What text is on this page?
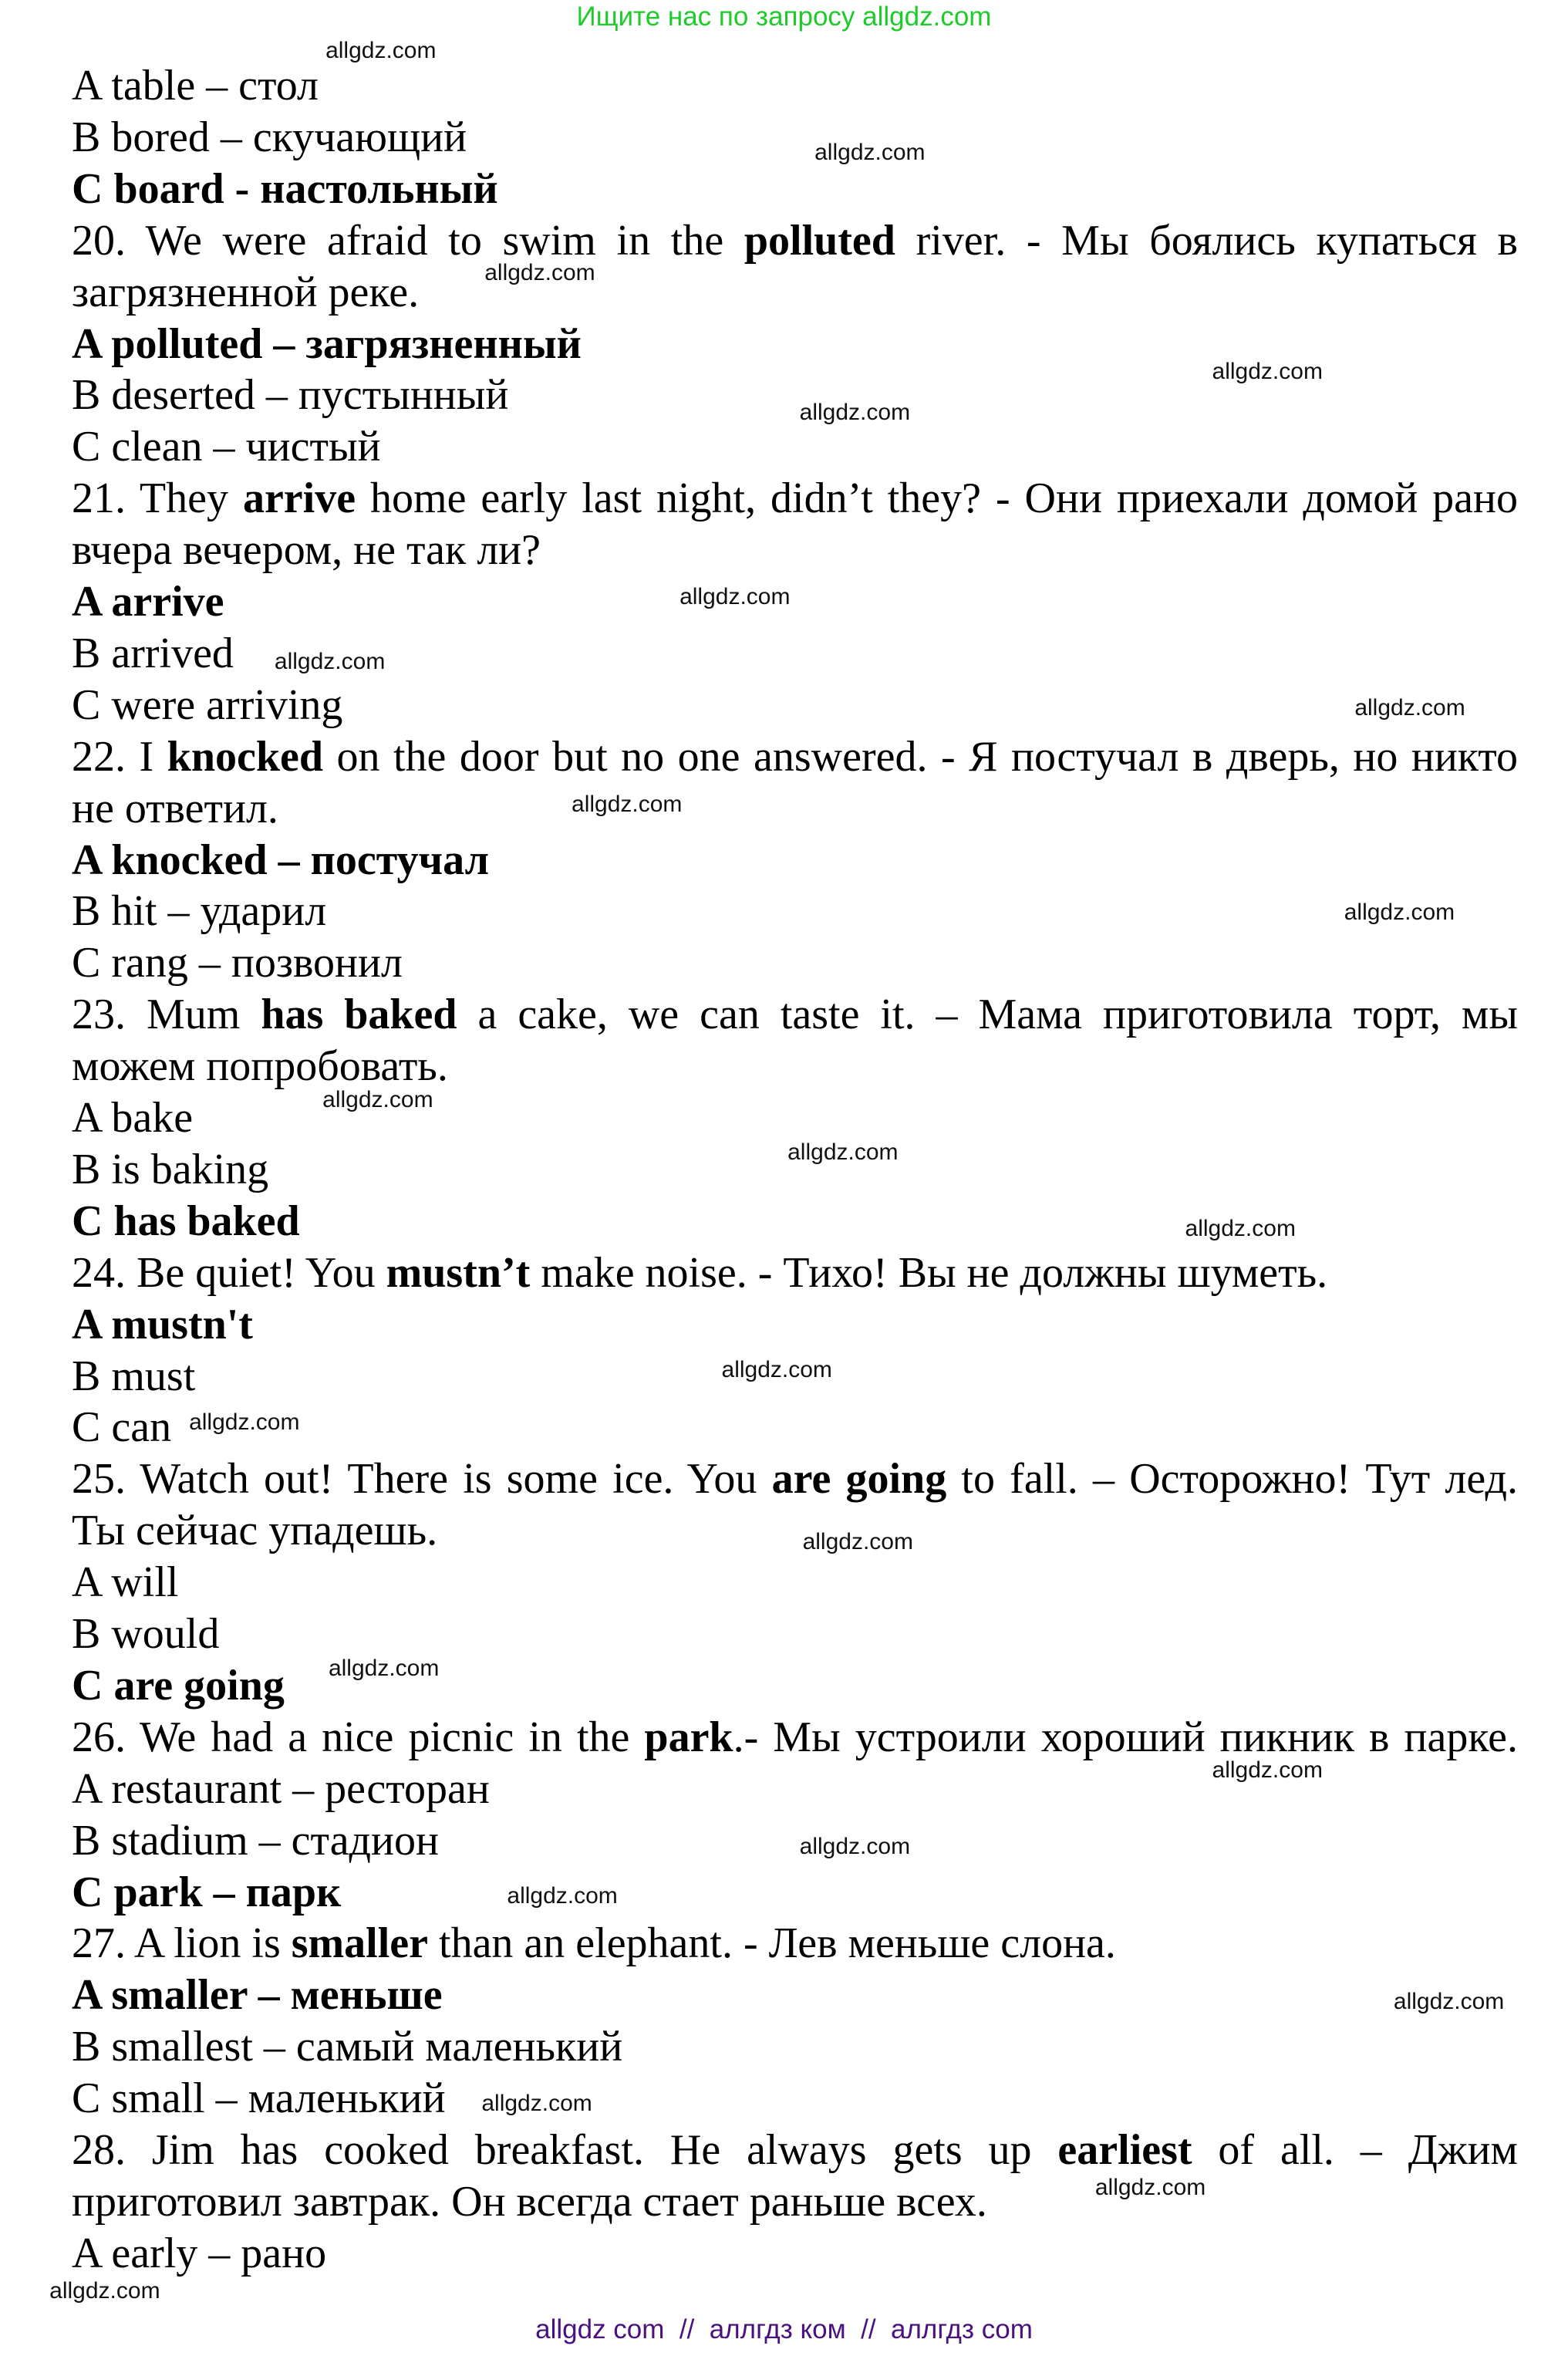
Ищите нас по запросу allgdz.com
A table – стол
B bored – скучающий
C board - настольный
20. We were afraid to swim in the polluted river. - Мы боялись купаться в
загрязненной реке.
A polluted – загрязненный
B deserted – пустынный
C clean – чистый
21. They arrive home early last night, didn’t they? - Они приехали домой рано
вчера вечером, не так ли?
A arrive
B arrived
C were arriving
22. I knocked on the door but no one answered. - Я постучал в дверь, но никто
не ответил.
A knocked – постучал
B hit – ударил
C rang – позвонил
23. Mum has baked a cake, we can taste it. – Мама приготовила торт, мы
можем попробовать.
A bake
B is baking
C has baked
24. Be quiet! You mustn’t make noise. - Тихо! Вы не должны шуметь.
A mustn't
B must
C can
25. Watch out! There is some ice. You are going to fall. – Осторожно! Тут лед.
Ты сейчас упадешь.
A will
B would
C are going
26. We had a nice picnic in the park.- Мы устроили хороший пикник в парке.
A restaurant – ресторан
B stadium – стадион
C park – парк
27. A lion is smaller than an elephant. - Лев меньше слона.
A smaller – меньше
B smallest – самый маленький
C small – маленький
28. Jim has cooked breakfast. He always gets up earliest of all. – Джим
приготовил завтрак. Он всегда стает раньше всех.
A early – рано
allgdz.com
allgdz.com
allgdz.com
allgdz.com
allgdz.com
allgdz.com
allgdz.com
allgdz.com
allgdz.com
allgdz.com
allgdz.com
allgdz.com
allgdz.com
allgdz.com
allgdz.com
allgdz.com
allgdz.com
allgdz.com
allgdz.com
allgdz.com
allgdz.com
allgdz.com
allgdz.com
allgdz.com
allgdz com  //  аллгдз ком  //  аллгдз com
